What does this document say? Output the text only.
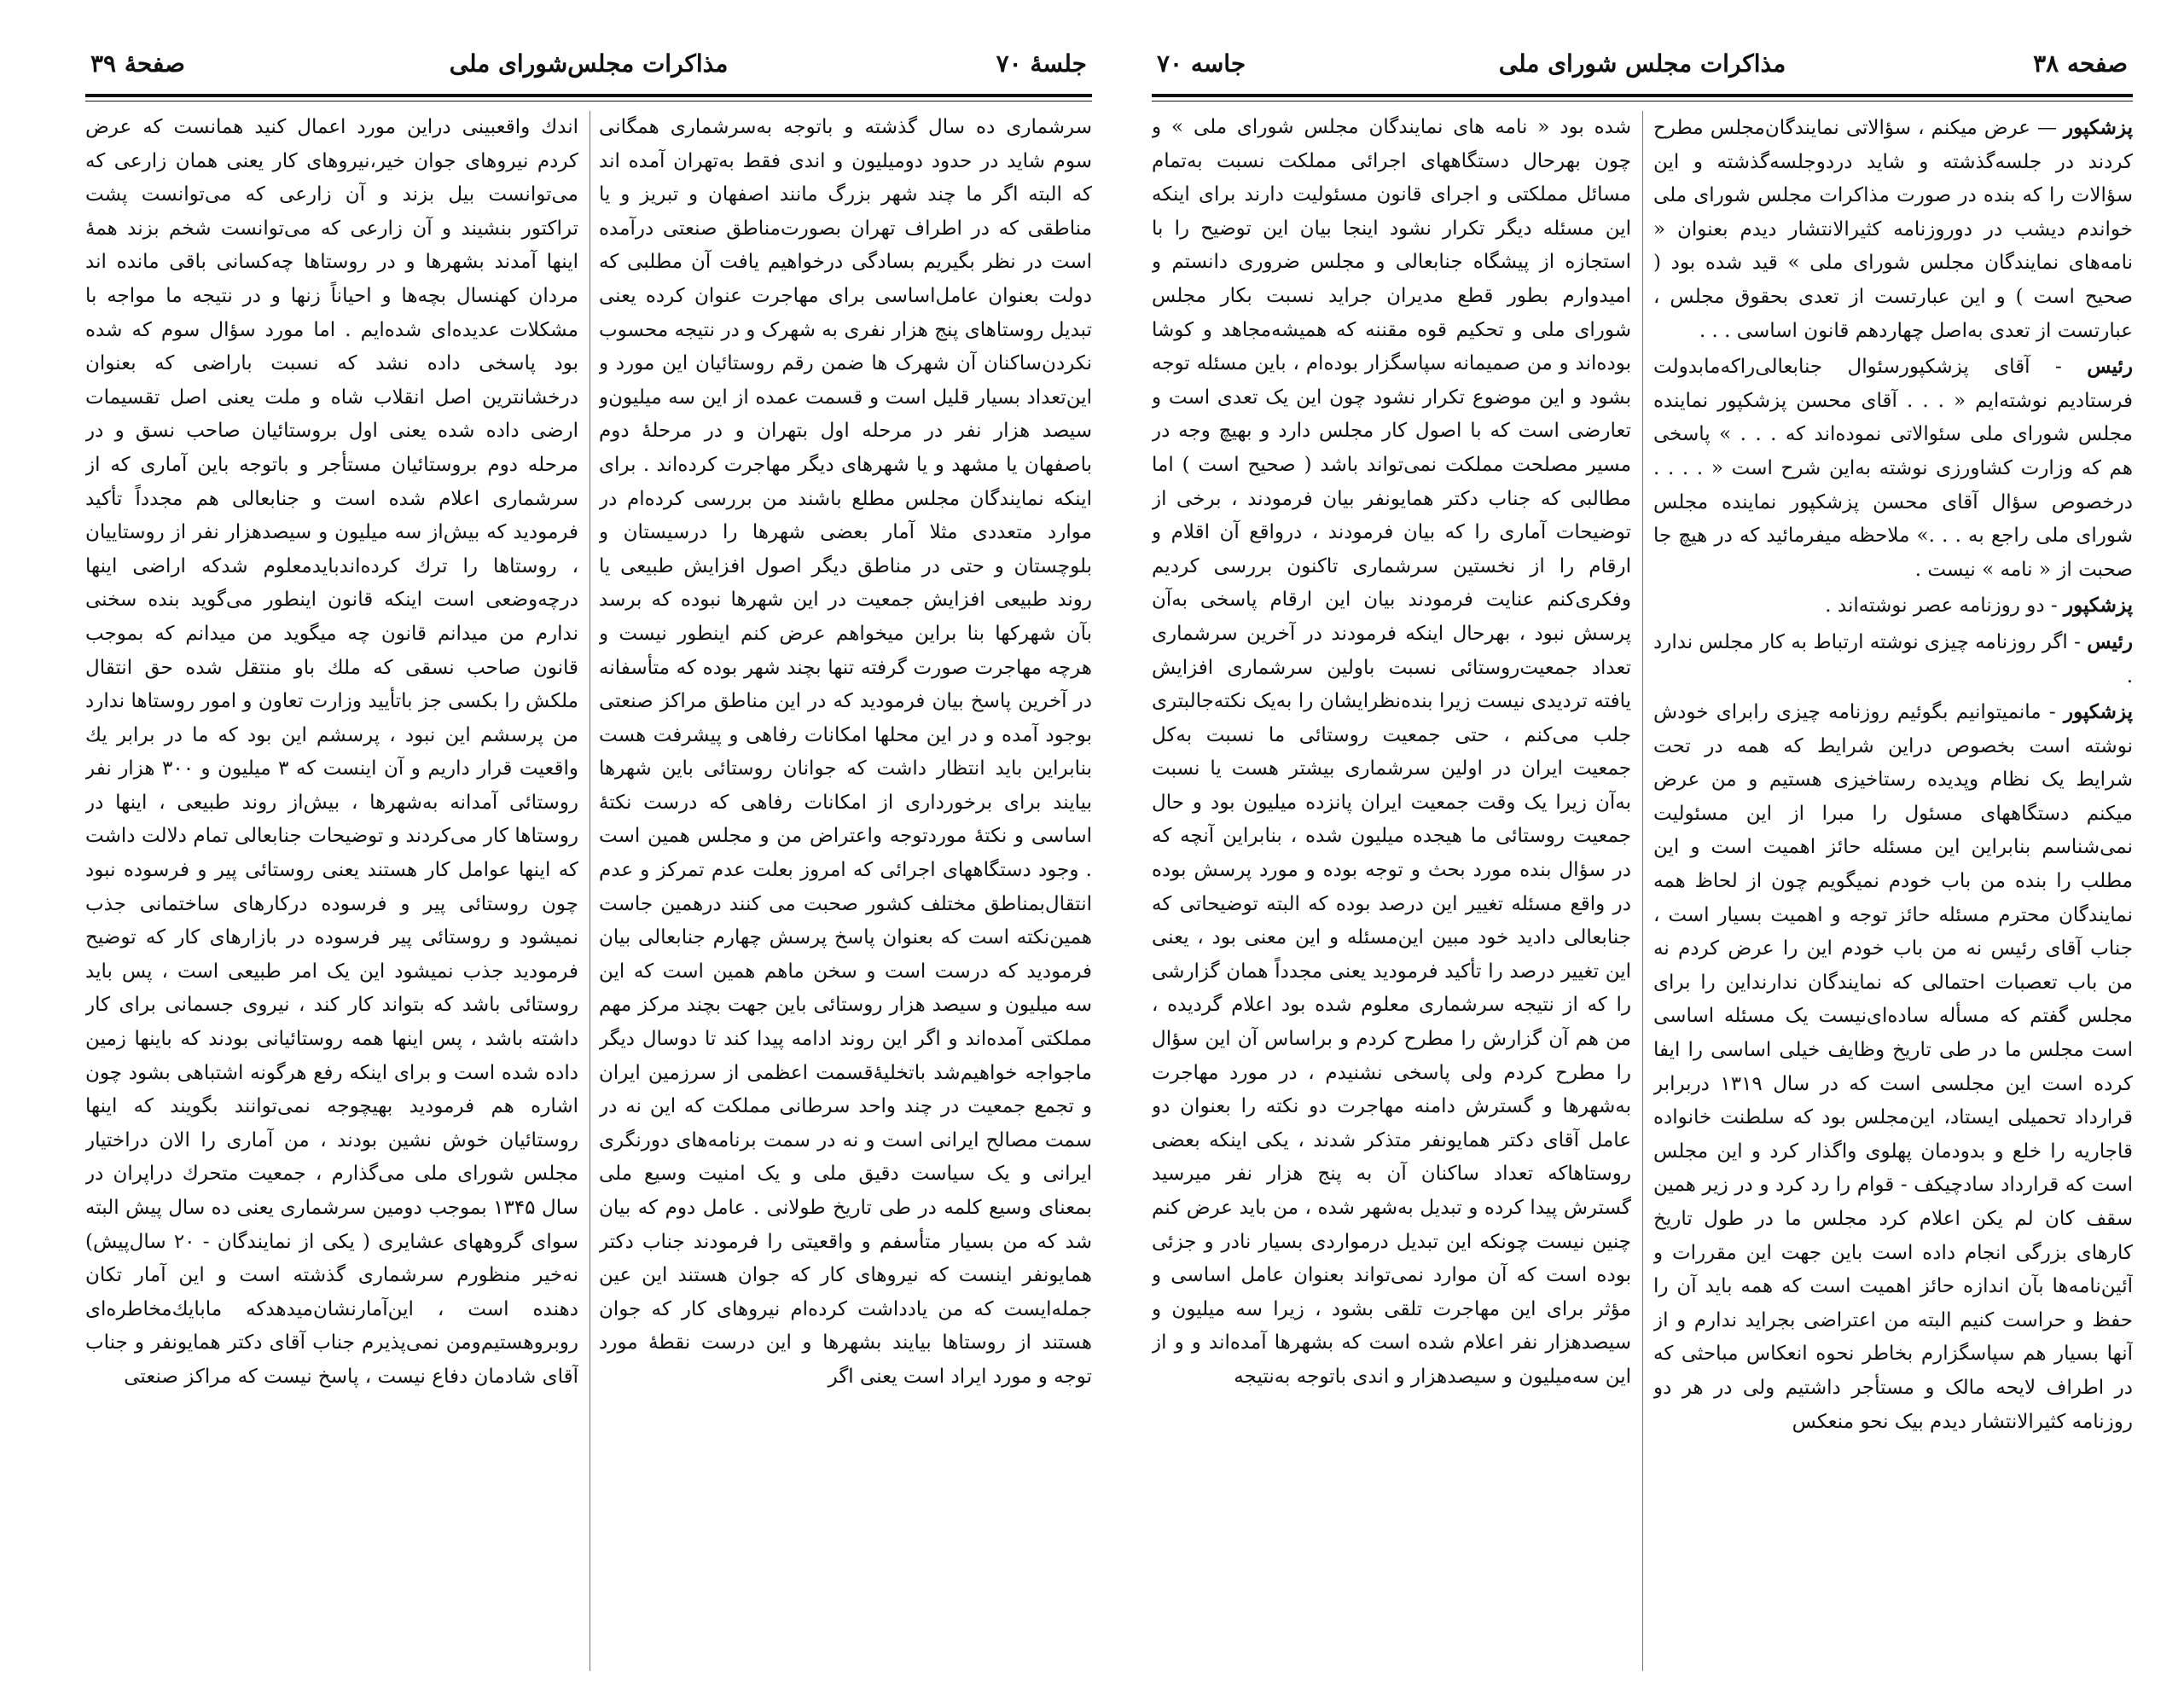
صفحهٔ ۳۹	مذاکرات مجلس‌شورای ملی	جلسهٔ ۷۰

سرشماری ده سال گذشته و باتوجه به‌سرشماری همگانی سوم شاید در حدود دومیلیون و اندی فقط به‌تهران آمده اند که البته اگر ما چند شهر بزرگ مانند اصفهان و تبریز و یا مناطقی که در اطراف تهران بصورت‌مناطق صنعتی درآمده است در نظر بگیریم بسادگی درخواهیم یافت آن مطلبی که دولت بعنوان عامل‌اساسی برای مهاجرت عنوان کرده یعنی تبدیل روستاهای پنج هزار نفری به شهرک و در نتیجه محسوب نکردن‌ساکنان آن شهرک ها ضمن رقم روستائیان این مورد و این‌تعداد بسیار قلیل است و قسمت عمده از این سه میلیون‌و سیصد هزار نفر در مرحله اول بتهران و در مرحلهٔ دوم باصفهان یا مشهد و یا شهرهای دیگر مهاجرت کرده‌اند . برای اینکه نمایندگان مجلس مطلع باشند من بررسی کرده‌ام در موارد متعددی مثلا آمار بعضی شهرها را درسیستان و بلوچستان و حتی در مناطق دیگر اصول افزایش طبیعی یا روند طبیعی افزایش جمعیت در این شهرها نبوده که برسد بآن شهرکها بنا براین میخواهم عرض کنم اینطور نیست و هرچه مهاجرت صورت گرفته تنها بچند شهر بوده که متأسفانه در آخرین پاسخ بیان فرمودید که در این مناطق مراکز صنعتی بوجود آمده و در این محلها امکانات رفاهی و پیشرفت هست بنابراین باید انتظار داشت که جوانان روستائی باین شهرها بیایند برای برخورداری از امکانات رفاهی که درست نکتهٔ اساسی و نکتهٔ موردتوجه واعتراض من و مجلس همین است . وجود دستگاههای اجرائی که امروز بعلت عدم تمرکز و عدم انتقال‌بمناطق مختلف کشور صحبت می کنند درهمین جاست همین‌نکته است که بعنوان پاسخ پرسش چهارم جنابعالی بیان فرمودید که درست است و سخن ماهم همین است که این سه میلیون و سیصد هزار روستائی باین جهت بچند مرکز مهم مملکتی آمده‌اند و اگر این روند ادامه پیدا کند تا دوسال دیگر ماجواجه خواهیم‌شد باتخلیهٔ‌قسمت اعظمی از سرزمین ایران و تجمع جمعیت در چند واحد سرطانی مملکت که این نه در سمت مصالح ایرانی است و نه در سمت برنامه‌های دورنگری ایرانی و یک سیاست دقیق ملی و یک امنیت وسیع ملی بمعنای وسیع کلمه در طی تاریخ طولانی . عامل دوم که بیان شد که من بسیار متأسفم و واقعیتی را فرمودند جناب دکتر همایونفر اینست که نیروهای کار که جوان هستند این عین جمله‌ایست که من یادداشت کرده‌ام نیروهای کار که جوان هستند از روستاها بیایند بشهرها و این درست نقطهٔ مورد توجه و مورد ایراد است یعنی اگر

اندك واقعبینی دراین مورد اعمال کنید همانست که عرض کردم نیروهای جوان خیر،نیروهای کار یعنی همان زارعی که می‌توانست بیل بزند و آن زارعی که می‌توانست پشت تراکتور بنشیند و آن زارعی که می‌توانست شخم بزند همهٔ اینها آمدند بشهرها و در روستاها چه‌کسانی باقی مانده اند مردان کهنسال بچه‌ها و احیاناً زنها و در نتیجه ما مواجه با مشکلات عدیده‌ای شده‌ایم . اما مورد سؤال سوم که شده بود پاسخی داده نشد که نسبت باراضی که بعنوان درخشانترین اصل انقلاب شاه و ملت یعنی اصل تقسیمات ارضی داده شده یعنی اول بروستائیان صاحب نسق و در مرحله دوم بروستائیان مستأجر و باتوجه باین آماری که از سرشماری اعلام شده است و جنابعالی هم مجدداً تأکید فرمودید که بیش‌از سه میلیون و سیصدهزار نفر از روستاییان ، روستاها را ترك کرده‌اند‌بایدمعلوم شدکه اراضی اینها درچه‌وضعی است اینکه قانون اینطور می‌گوید بنده سخنی ندارم من میدانم قانون چه میگوید من میدانم که بموجب قانون صاحب نسقی که ملك باو منتقل شده حق انتقال ملکش را بکسی جز باتأیید وزارت تعاون و امور روستاها ندارد من پرسشم این نبود ، پرسشم این بود که ما در برابر یك واقعیت قرار داریم و آن اینست که ۳ میلیون و ۳۰۰ هزار نفر روستائی آمدانه به‌شهرها ، بیش‌از روند طبیعی ، اینها در روستاها کار می‌کردند و توضیحات جنابعالی تمام دلالت داشت که اینها عوامل کار هستند یعنی روستائی پیر و فرسوده نبود چون روستائی پیر و فرسوده درکارهای ساختمانی جذب نمیشود و روستائی پیر فرسوده در بازارهای کار که توضیح فرمودید جذب نمیشود این یک امر طبیعی است ، پس باید روستائی باشد که بتواند کار کند ، نیروی جسمانی برای کار داشته باشد ، پس اینها همه روستائیانی بودند که باینها زمین داده شده است و برای اینکه رفع هرگونه اشتباهی بشود چون اشاره هم فرمودید بهیچوجه نمی‌توانند بگویند که اینها روستائیان خوش نشین بودند ، من آماری را الان دراختیار مجلس شورای ملی می‌گذارم ، جمعیت متحرك دراپران در سال ۱۳۴۵ بموجب دومین سرشماری یعنی ده سال پیش البته سوای گروههای عشایری ( یکی از نمایندگان - ۲۰ سال‌پیش) نه‌خیر منظورم سرشماری گذشته است و این آمار تکان دهنده است ، این‌آمارنشان‌میدهدکه مابایك‌مخاطره‌ای روبروهستیم‌ومن نمی‌پذیرم جناب آقای دکتر همایونفر و جناب آقای شادمان دفاع نیست ، پاسخ نیست که مراکز صنعتی

جاسه ۷۰	مذاکرات مجلس شورای ملی	صفحه ۳۸

پزشکپور — عرض میکنم ، سؤالاتی نمایندگان‌مجلس مطرح کردند در جلسه‌گذشته و شاید دردوجلسه‌گذشته و این سؤالات را که بنده در صورت مذاکرات مجلس شورای ملی خواندم دیشب در دوروزنامه کثیرالانتشار دیدم بعنوان « نامه‌های نمایندگان مجلس شورای ملی » قید شده بود ( صحیح است ) و این عبارتست از تعدی بحقوق مجلس ، عبارتست از تعدی به‌اصل چهاردهم قانون اساسی . . .

رئیس - آقای پزشکپور‌سئوال جنابعالی‌راکه‌مابدولت فرستادیم نوشته‌ایم « . . . آقای محسن پزشکپور نماینده مجلس شورای ملی سئوالاتی نموده‌اند که . . . » پاسخی هم که وزارت کشاورزی نوشته به‌این شرح است « . . . . درخصوص سؤال آقای محسن پزشکپور نماینده مجلس شورای ملی راجع به . . .» ملاحظه میفرمائید که در هیچ جا صحبت از « نامه » نیست .

پزشکپور - دو روزنامه عصر نوشته‌اند .

رئیس - اگر روزنامه چیزی نوشته ارتباط به کار مجلس ندارد .

پزشکپور - مانمیتوانیم بگوئیم روزنامه چیزی رابرای خودش نوشته است بخصوص دراین شرایط که همه در تحت شرایط یک نظام وپدیده رستاخیزی هستیم و من عرض میکنم دستگاههای مسئول را مبرا از این مسئولیت نمی‌شناسم بنابراین این مسئله حائز اهمیت است و این مطلب را بنده من باب خودم نمیگویم چون از لحاظ همه نمایندگان محترم مسئله حائز توجه و اهمیت بسیار است ، جناب آقای رئیس نه من باب خودم این را عرض کردم نه من باب تعصبات احتمالی که نمایندگان ندارنداین را برای مجلس گفتم که مسأله ساده‌ای‌نیست یک مسئله اساسی است مجلس ما در طی تاریخ وظایف خیلی اساسی را ایفا کرده است این مجلسی است که در سال ۱۳۱۹ دربرابر قرارداد تحمیلی ایستاد، این‌مجلس بود که سلطنت خانواده قاجاریه را خلع و بدودمان پهلوی واگذار کرد و این مجلس است که قرارداد سادچیکف - قوام را رد کرد و در زیر همین سقف کان لم یکن اعلام کرد مجلس ما در طول تاریخ کارهای بزرگی انجام داده است باین جهت این مقررات و آئین‌نامه‌ها بآن اندازه حائز اهمیت است که همه باید آن را حفظ و حراست کنیم البته من اعتراضی بجراید ندارم و از آنها بسیار هم سپاسگزارم بخاطر نحوه انعکاس مباحثی که در اطراف لایحه مالک و مستأجر داشتیم ولی در هر دو روزنامه کثیرالانتشار دیدم بیک نحو منعکس

شده بود « نامه های نمایندگان مجلس شورای ملی » و چون بهرحال دستگاههای اجرائی مملکت نسبت به‌تمام مسائل مملکتی و اجرای قانون مسئولیت دارند برای اینکه این مسئله دیگر تکرار نشود اینجا بیان این توضیح را با استجازه از پیشگاه جنابعالی و مجلس ضروری دانستم و امیدوارم بطور قطع مدیران جراید نسبت بکار مجلس شورای ملی و تحکیم قوه مقننه که همیشه‌مجاهد و کوشا بوده‌اند و من صمیمانه سپاسگزار بوده‌ام ، باین مسئله توجه بشود و این موضوع تکرار نشود چون این یک تعدی است و تعارضی است که با اصول کار مجلس دارد و بهیچ وجه در مسیر مصلحت مملکت نمی‌تواند باشد ( صحیح است ) اما مطالبی که جناب دکتر همایونفر بیان فرمودند ، برخی از توضیحات آماری را که بیان فرمودند ، درواقع آن اقلام و ارقام را از نخستین سرشماری تاکنون بررسی کردیم وفکری‌کنم عنایت فرمودند بیان این ارقام پاسخی به‌آن پرسش نبود ، بهرحال اینکه فرمودند در آخرین سرشماری تعداد جمعیت‌روستائی نسبت باولین سرشماری افزایش یافته تردیدی نیست زیرا بنده‌نظرایشان را به‌یک نکته‌جالبتری جلب می‌کنم ، حتی جمعیت روستائی ما نسبت به‌کل جمعیت ایران در اولین سرشماری بیشتر هست یا نسبت به‌آن زیرا یک وقت جمعیت ایران پانزده میلیون بود و حال جمعیت روستائی ما هیجده میلیون شده ، بنابراین آنچه که در سؤال بنده مورد بحث و توجه بوده و مورد پرسش بوده در واقع مسئله تغییر این درصد بوده که البته توضیحاتی که جنابعالی دادید خود مبین این‌مسئله و این معنی بود ، یعنی این تغییر درصد را تأکید فرمودید یعنی مجدداً همان گزارشی را که از نتیجه سرشماری معلوم شده بود اعلام گردیده ، من هم آن گزارش را مطرح کردم و براساس آن این سؤال را مطرح کردم ولی پاسخی نشنیدم ، در مورد مهاجرت به‌شهرها و گسترش دامنه مهاجرت دو نکته را بعنوان دو عامل آقای دکتر همایونفر متذکر شدند ، یکی اینکه بعضی روستاهاکه تعداد ساکنان آن به پنج هزار نفر میرسید گسترش پیدا کرده و تبدیل به‌شهر شده ، من باید عرض کنم چنین نیست چونکه این تبدیل درمواردی بسیار نادر و جزئی بوده است که آن موارد نمی‌تواند بعنوان عامل اساسی و مؤثر برای این مهاجرت تلقی بشود ، زیرا سه میلیون و سیصدهزار نفر اعلام شده است که بشهرها آمده‌اند و و از این سه‌میلیون و سیصدهزار و اندی باتوجه به‌نتیجه
